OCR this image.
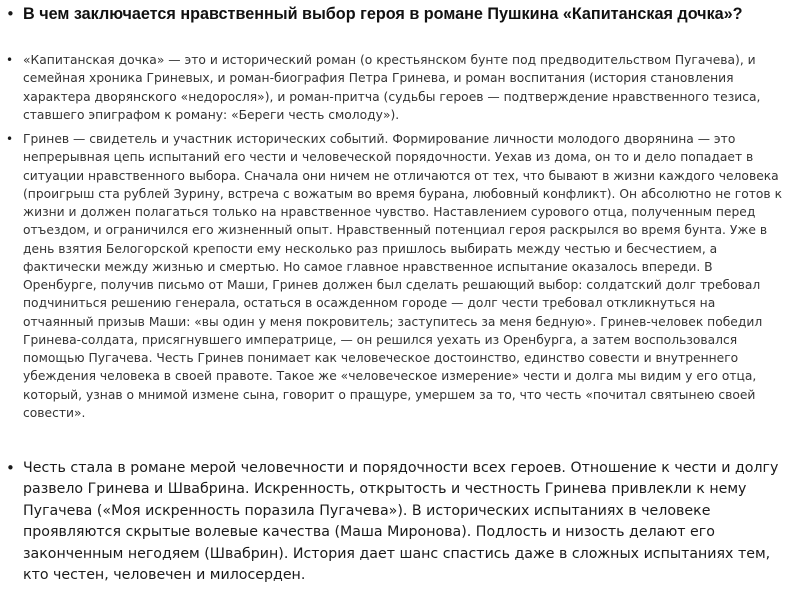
• В чем заключается нравственный выбор героя в романе Пушкина «Капитанская дочка»?
• «Капитанская дочка» — это и исторический роман (о крестьянском бунте под предводительством Пугачева), и семейная хроника Гриневых, и роман-биография Петра Гринева, и роман воспитания (история становления характера дворянского «недоросля»), и роман-притча (судьбы героев — подтверждение нравственного тезиса, ставшего эпиграфом к роману: «Береги честь смолоду»).
• Гринев — свидетель и участник исторических событий. Формирование личности молодого дворянина — это непрерывная цепь испытаний его чести и человеческой порядочности. Уехав из дома, он то и дело попадает в ситуации нравственного выбора. Сначала они ничем не отличаются от тех, что бывают в жизни каждого человека (проигрыш ста рублей Зурину, встреча с вожатым во время бурана, любовный конфликт). Он абсолютно не готов к жизни и должен полагаться только на нравственное чувство. Наставлением сурового отца, полученным перед отъездом, и ограничился его жизненный опыт. Нравственный потенциал героя раскрылся во время бунта. Уже в день взятия Белогорской крепости ему несколько раз пришлось выбирать между честью и бесчестием, а фактически между жизнью и смертью. Но самое главное нравственное испытание оказалось впереди. В Оренбурге, получив письмо от Маши, Гринев должен был сделать решающий выбор: солдатский долг требовал подчиниться решению генерала, остаться в осажденном городе — долг чести требовал откликнуться на отчаянный призыв Маши: «вы один у меня покровитель; заступитесь за меня бедную». Гринев-человек победил Гринева-солдата, присягнувшего императрице, — он решился уехать из Оренбурга, а затем воспользовался помощью Пугачева. Честь Гринев понимает как человеческое достоинство, единство совести и внутреннего убеждения человека в своей правоте. Такое же «человеческое измерение» чести и долга мы видим у его отца, который, узнав о мнимой измене сына, говорит о пращуре, умершем за то, что честь «почитал святынею своей совести».
• Честь стала в романе мерой человечности и порядочности всех героев. Отношение к чести и долгу развело Гринева и Швабрина. Искренность, открытость и честность Гринева привлекли к нему Пугачева («Моя искренность поразила Пугачева»). В исторических испытаниях в человеке проявляются скрытые волевые качества (Маша Миронова). Подлость и низость делают его законченным негодяем (Швабрин). История дает шанс спастись даже в сложных испытаниях тем, кто честен, человечен и милосерден.
